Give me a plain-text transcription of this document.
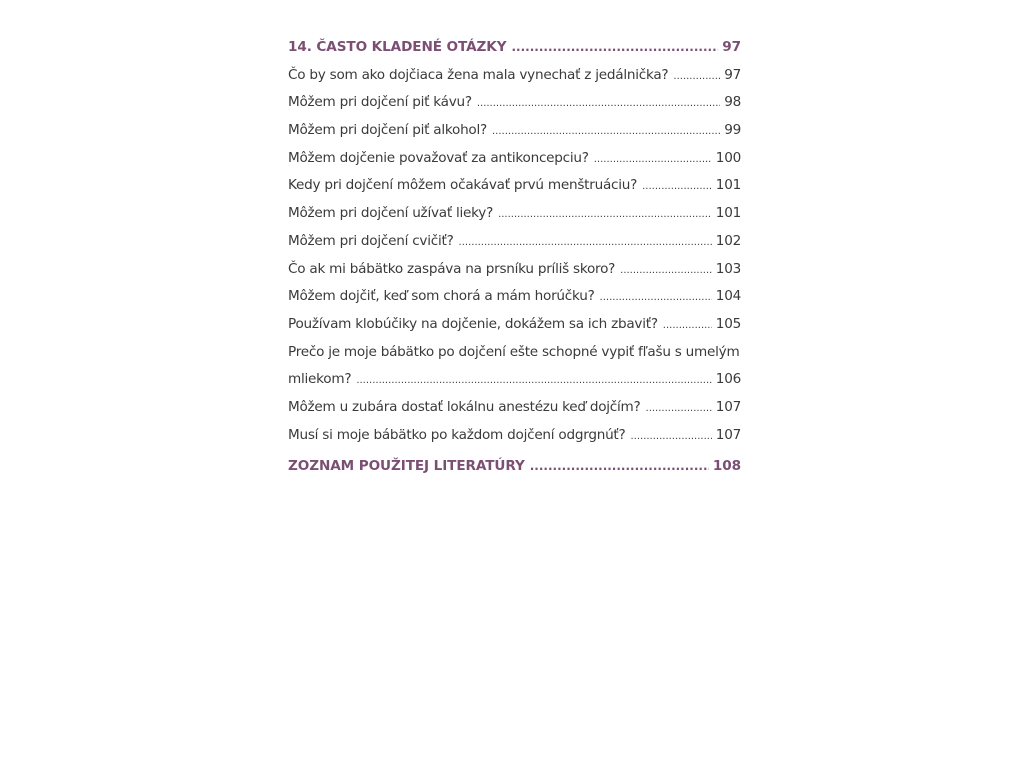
14. ČASTO KLADENÉ OTÁZKY .....	97
Čo by som ako dojčiaca žena mala vynechať z jedálnička? .....	97
Môžem pri dojčení piť kávu? .....	98
Môžem pri dojčení piť alkohol? .....	99
Môžem dojčenie považovať za antikoncepciu? .....	100
Kedy pri dojčení môžem očakávať prvú menštruáciu? .....	101
Môžem pri dojčení užívať lieky? .....	101
Môžem pri dojčení cvičiť? .....	102
Čo ak mi bábätko zaspáva na prsníku príliš skoro? .....	103
Môžem dojčiť, keď som chorá a mám horúčku? .....	104
Používam klobúčiky na dojčenie, dokážem sa ich zbaviť? .....	105
Prečo je moje bábätko po dojčení ešte schopné vypiť fľašu s umelým
mliekom? .....	106
Môžem u zubára dostať lokálnu anestézu keď dojčím? .....	107
Musí si moje bábätko po každom dojčení odgrgnúť? .....	107
ZOZNAM POUŽITEJ LITERATÚRY .....	108
